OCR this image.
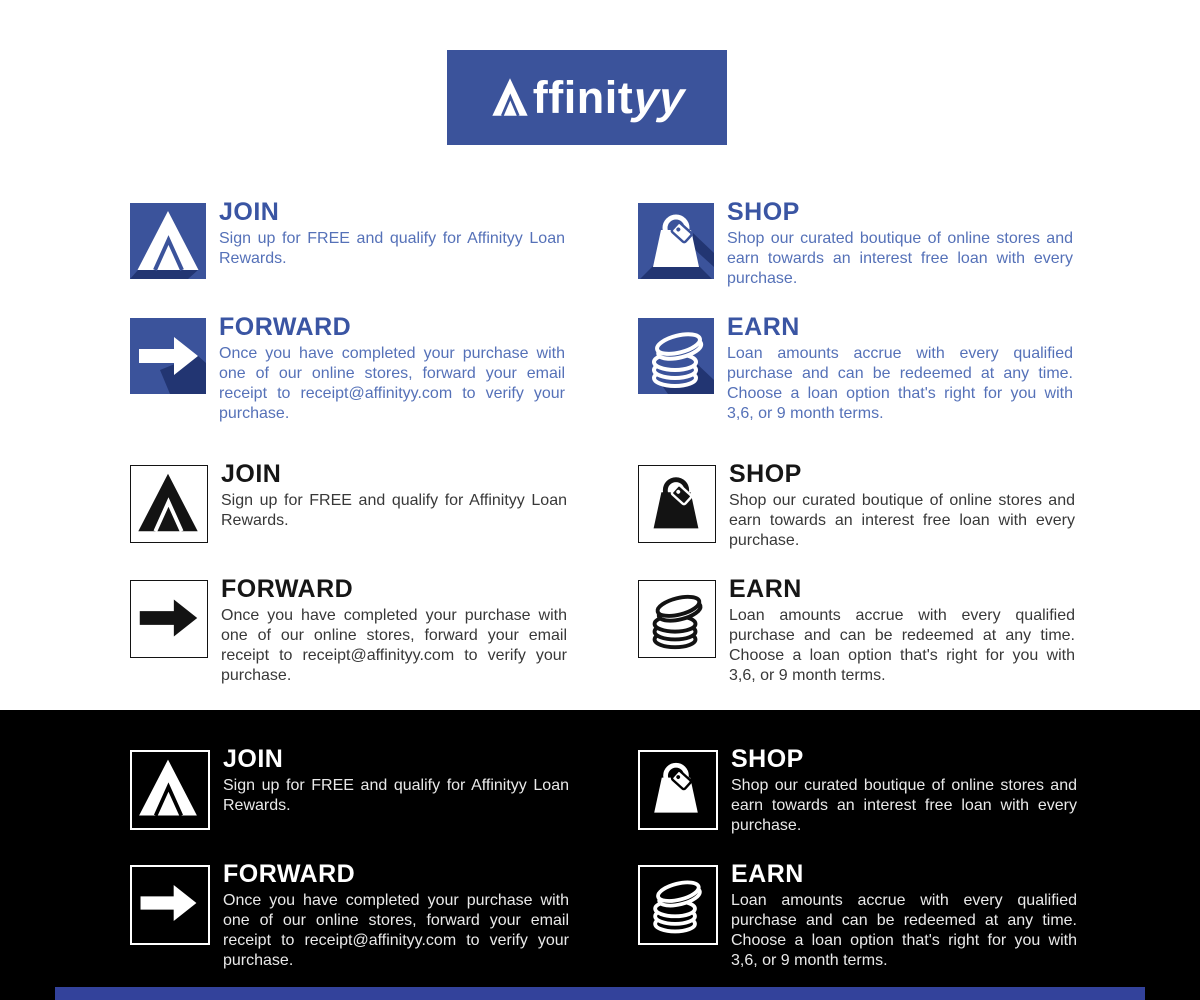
ffinityy
JOIN
Sign up for FREE and qualify for Affinityy Loan Rewards.
SHOP
Shop our curated boutique of online stores and earn towards an interest free loan with every purchase.
FORWARD
Once you have completed your purchase with one of our online stores, forward your email receipt to receipt@affinityy.com to verify your purchase.
EARN
Loan amounts accrue with every qualified purchase and can be redeemed at any time. Choose a loan option that's right for you with 3,6, or 9 month terms.
JOIN
Sign up for FREE and qualify for Affinityy Loan Rewards.
SHOP
Shop our curated boutique of online stores and earn towards an interest free loan with every purchase.
FORWARD
Once you have completed your purchase with one of our online stores, forward your email receipt to receipt@affinityy.com to verify your purchase.
EARN
Loan amounts accrue with every qualified purchase and can be redeemed at any time. Choose a loan option that's right for you with 3,6, or 9 month terms.
JOIN
Sign up for FREE and qualify for Affinityy Loan Rewards.
SHOP
Shop our curated boutique of online stores and earn towards an interest free loan with every purchase.
FORWARD
Once you have completed your purchase with one of our online stores, forward your email receipt to receipt@affinityy.com to verify your purchase.
EARN
Loan amounts accrue with every qualified purchase and can be redeemed at any time. Choose a loan option that's right for you with 3,6, or 9 month terms.
